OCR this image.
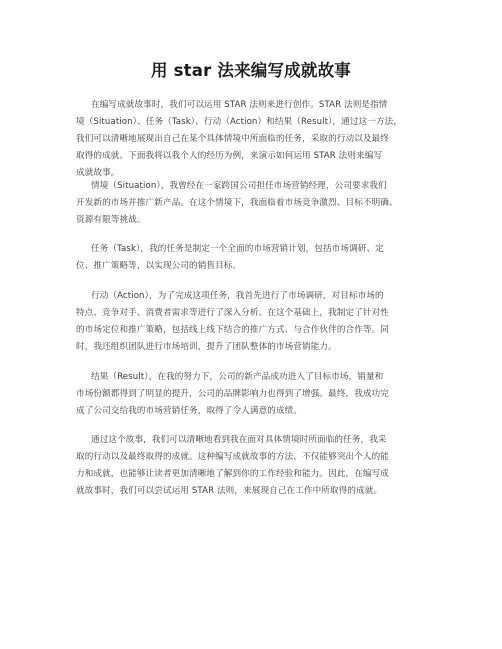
用 star 法来编写成就故事
在编写成就故事时，我们可以运用 STAR 法则来进行创作。STAR 法则是指情
境（Situation）、任务（Task）、行动（Action）和结果（Result），通过这一方法，
我们可以清晰地展现出自己在某个具体情境中所面临的任务，采取的行动以及最终
取得的成就。下面我将以我个人的经历为例，来演示如何运用 STAR 法则来编写
成就故事。
情境（Situation），我曾经在一家跨国公司担任市场营销经理，公司要求我们
开发新的市场并推广新产品。在这个情境下，我面临着市场竞争激烈、目标不明确、
资源有限等挑战。
任务（Task），我的任务是制定一个全面的市场营销计划，包括市场调研、定
位、推广策略等，以实现公司的销售目标。
行动（Action），为了完成这项任务，我首先进行了市场调研，对目标市场的
特点、竞争对手、消费者需求等进行了深入分析。在这个基础上，我制定了针对性
的市场定位和推广策略，包括线上线下结合的推广方式、与合作伙伴的合作等。同
时，我还组织团队进行市场培训，提升了团队整体的市场营销能力。
结果（Result），在我的努力下，公司的新产品成功进入了目标市场，销量和
市场份额都得到了明显的提升，公司的品牌影响力也得到了增强。最终，我成功完
成了公司交给我的市场营销任务，取得了令人满意的成绩。
通过这个故事，我们可以清晰地看到我在面对具体情境时所面临的任务，我采
取的行动以及最终取得的成就。这种编写成就故事的方法，不仅能够突出个人的能
力和成就，也能够让读者更加清晰地了解到你的工作经验和能力。因此，在编写成
就故事时，我们可以尝试运用 STAR 法则，来展现自己在工作中所取得的成就。
